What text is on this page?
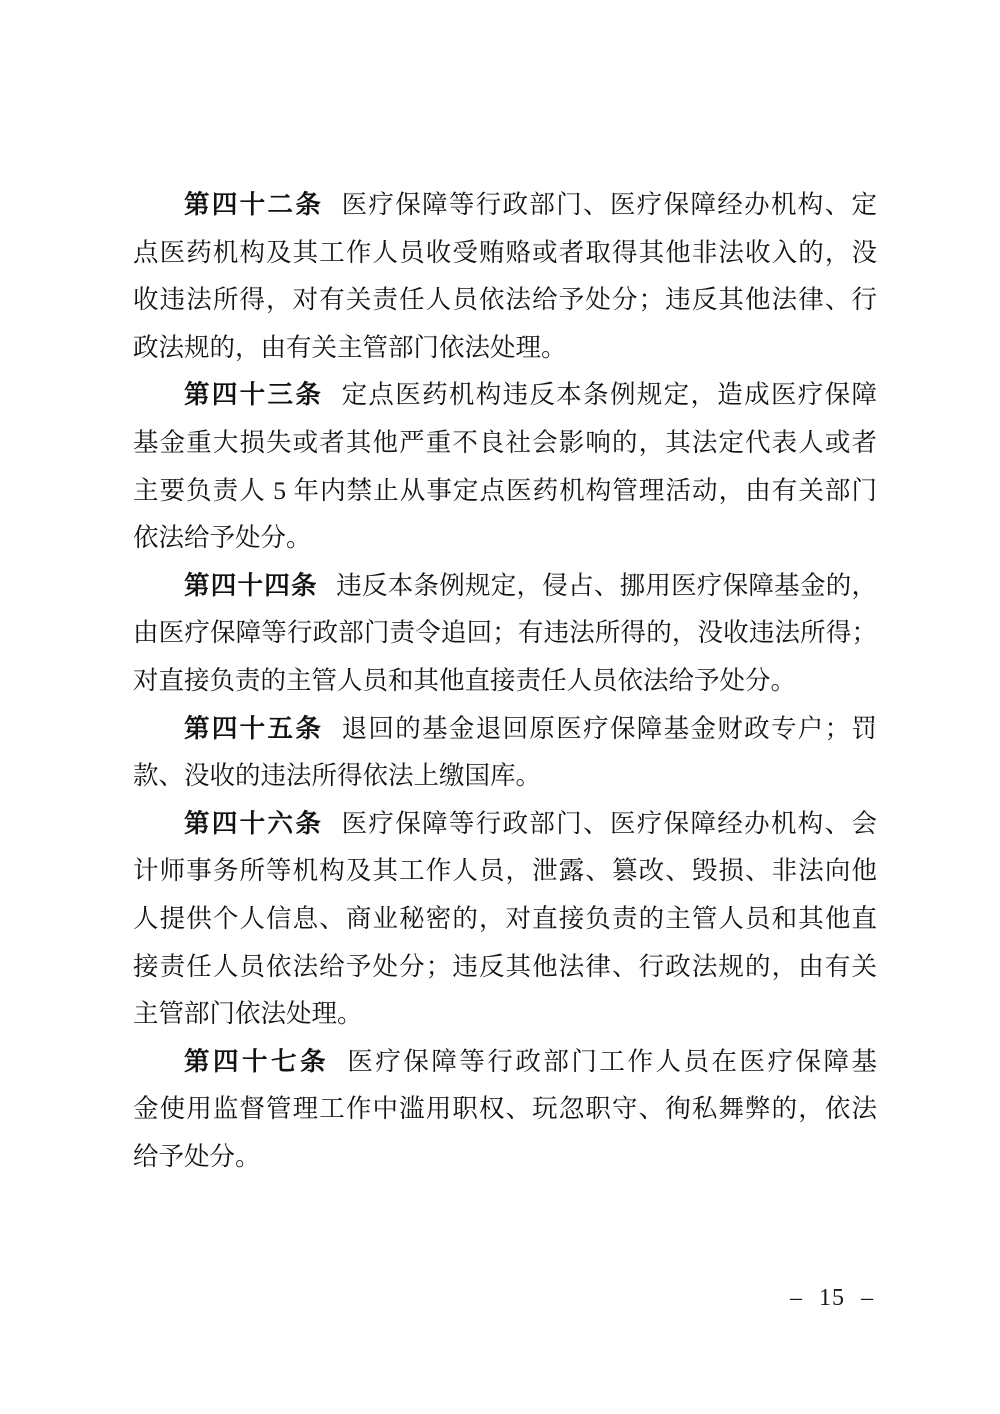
第四十二条 医疗保障等行政部门、医疗保障经办机构、定
点医药机构及其工作人员收受贿赂或者取得其他非法收入的，没
收违法所得，对有关责任人员依法给予处分；违反其他法律、行
政法规的，由有关主管部门依法处理。
第四十三条 定点医药机构违反本条例规定，造成医疗保障
基金重大损失或者其他严重不良社会影响的，其法定代表人或者
主要负责人 5 年内禁止从事定点医药机构管理活动，由有关部门
依法给予处分。
第四十四条 违反本条例规定，侵占、挪用医疗保障基金的，
由医疗保障等行政部门责令追回；有违法所得的，没收违法所得；
对直接负责的主管人员和其他直接责任人员依法给予处分。
第四十五条 退回的基金退回原医疗保障基金财政专户；罚
款、没收的违法所得依法上缴国库。
第四十六条 医疗保障等行政部门、医疗保障经办机构、会
计师事务所等机构及其工作人员，泄露、篡改、毁损、非法向他
人提供个人信息、商业秘密的，对直接负责的主管人员和其他直
接责任人员依法给予处分；违反其他法律、行政法规的，由有关
主管部门依法处理。
第四十七条 医疗保障等行政部门工作人员在医疗保障基
金使用监督管理工作中滥用职权、玩忽职守、徇私舞弊的，依法
给予处分。
– 15 –
